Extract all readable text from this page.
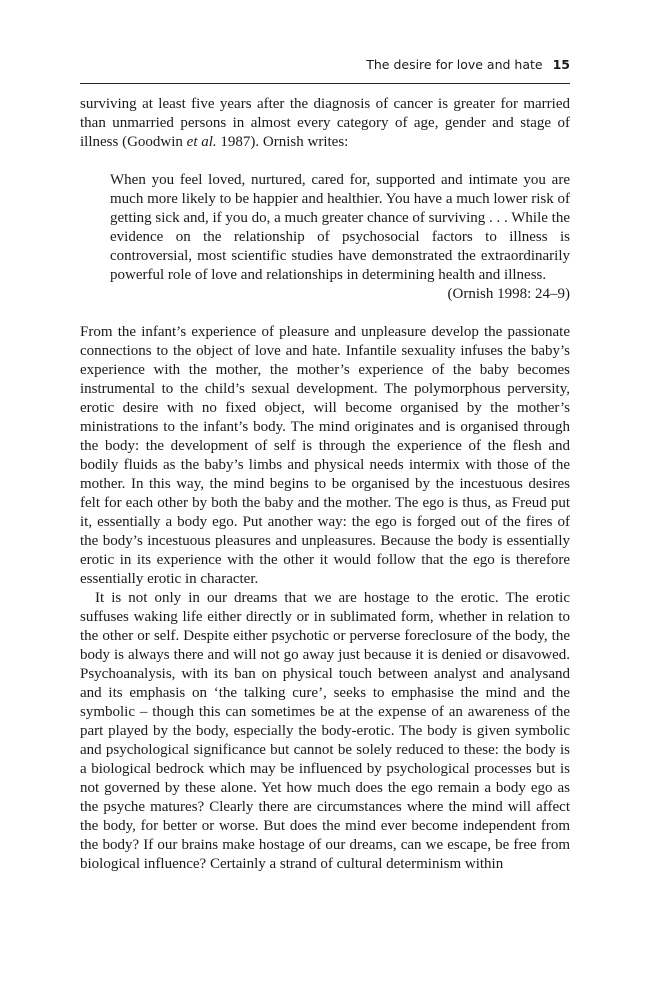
The desire for love and hate 15

surviving at least five years after the diagnosis of cancer is greater for married than unmarried persons in almost every category of age, gender and stage of illness (Goodwin et al. 1987). Ornish writes:

When you feel loved, nurtured, cared for, supported and intimate you are much more likely to be happier and healthier. You have a much lower risk of getting sick and, if you do, a much greater chance of surviving . . . While the evidence on the relationship of psychosocial factors to illness is controversial, most scientific studies have demonstrated the extraordinarily powerful role of love and relationships in determining health and illness.

(Ornish 1998: 24–9)

From the infant’s experience of pleasure and unpleasure develop the passionate connections to the object of love and hate. Infantile sexuality infuses the baby’s experience with the mother, the mother’s experience of the baby becomes instrumental to the child’s sexual development. The polymorphous perversity, erotic desire with no fixed object, will become organised by the mother’s ministrations to the infant’s body. The mind originates and is organised through the body: the development of self is through the experience of the flesh and bodily fluids as the baby’s limbs and physical needs intermix with those of the mother. In this way, the mind begins to be organised by the incestuous desires felt for each other by both the baby and the mother. The ego is thus, as Freud put it, essentially a body ego. Put another way: the ego is forged out of the fires of the body’s incestuous pleasures and unpleasures. Because the body is essentially erotic in its experience with the other it would follow that the ego is therefore essentially erotic in character.

It is not only in our dreams that we are hostage to the erotic. The erotic suffuses waking life either directly or in sublimated form, whether in relation to the other or self. Despite either psychotic or perverse foreclosure of the body, the body is always there and will not go away just because it is denied or disavowed. Psychoanalysis, with its ban on physical touch between analyst and analysand and its emphasis on ‘the talking cure’, seeks to emphasise the mind and the symbolic – though this can sometimes be at the expense of an awareness of the part played by the body, especially the body-erotic. The body is given symbolic and psychological significance but cannot be solely reduced to these: the body is a biological bedrock which may be influenced by psychological processes but is not governed by these alone. Yet how much does the ego remain a body ego as the psyche matures? Clearly there are circumstances where the mind will affect the body, for better or worse. But does the mind ever become independent from the body? If our brains make hostage of our dreams, can we escape, be free from biological influence? Certainly a strand of cultural determinism within
